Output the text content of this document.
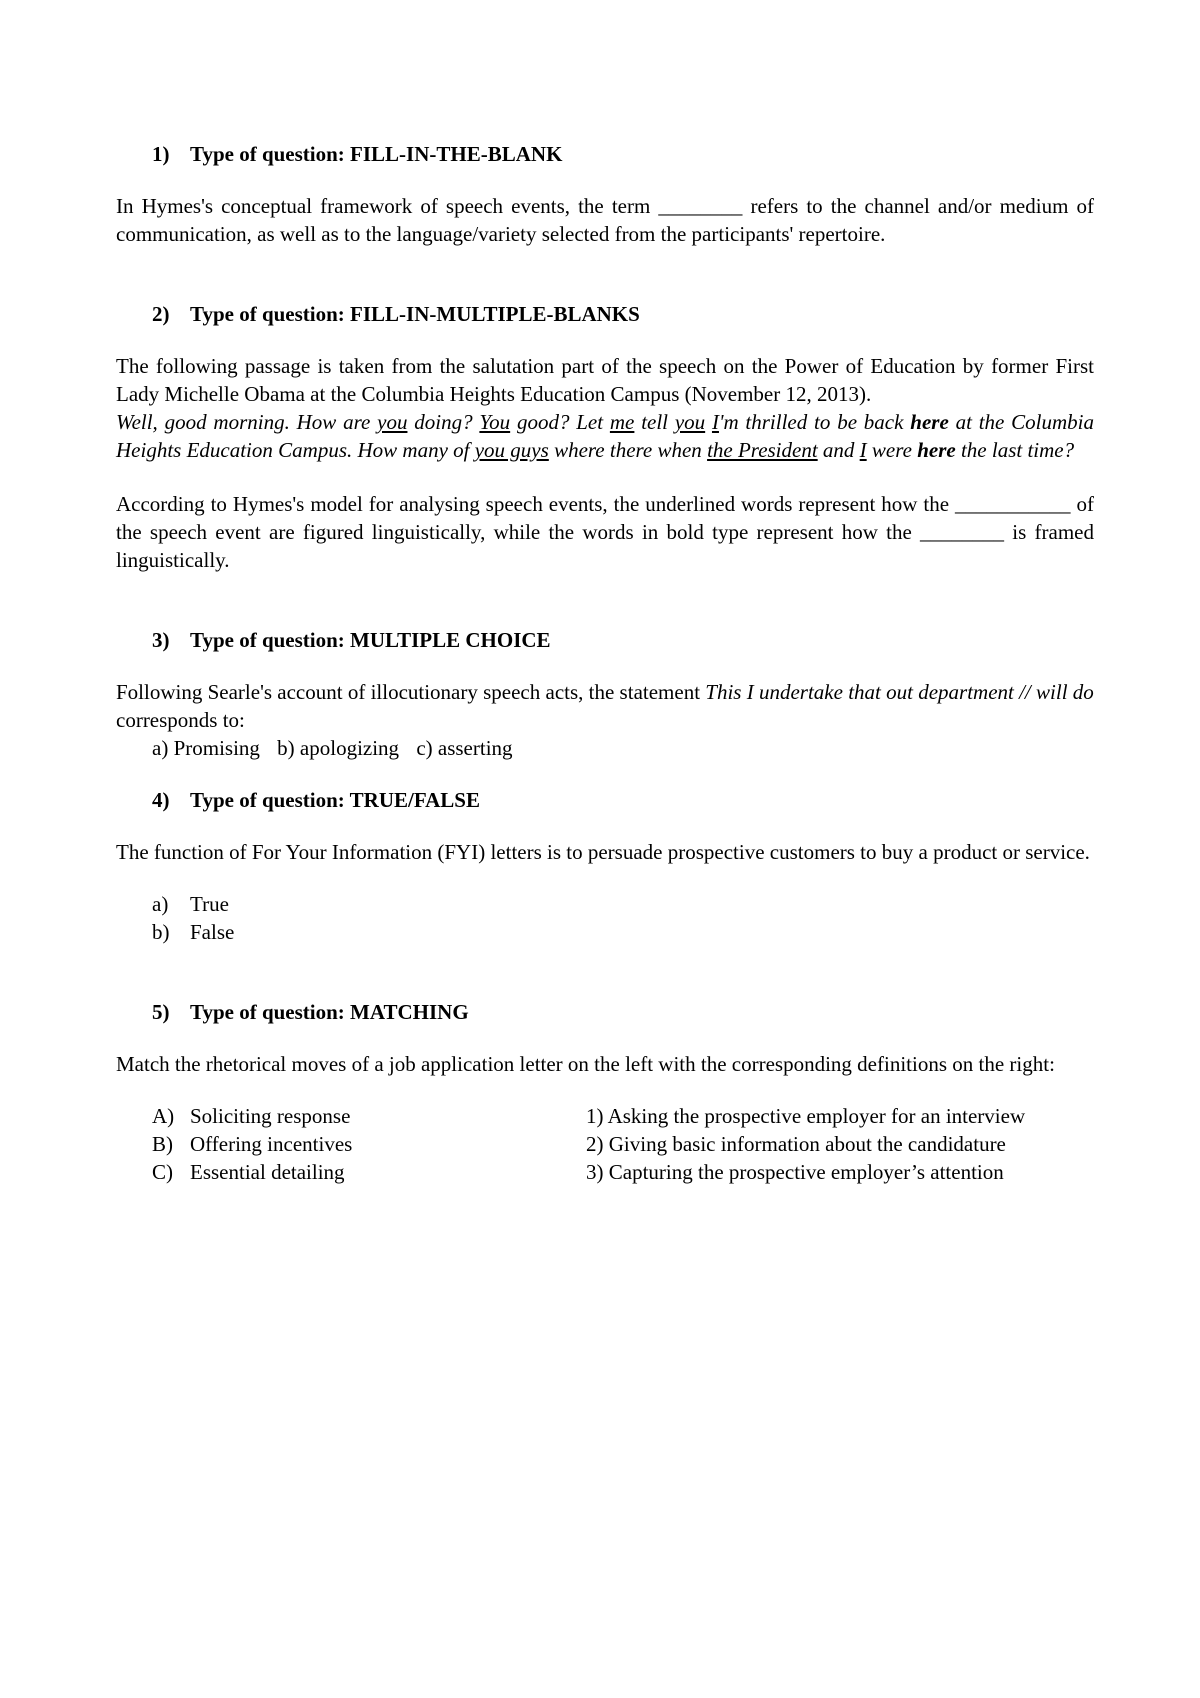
1) Type of question: FILL-IN-THE-BLANK

In Hymes's conceptual framework of speech events, the term ________ refers to the channel and/or medium of communication, as well as to the language/variety selected from the participants' repertoire.

2) Type of question: FILL-IN-MULTIPLE-BLANKS

The following passage is taken from the salutation part of the speech on the Power of Education by former First Lady Michelle Obama at the Columbia Heights Education Campus (November 12, 2013).

Well, good morning. How are you doing? You good? Let me tell you I'm thrilled to be back here at the Columbia Heights Education Campus. How many of you guys where there when the President and I were here the last time?

According to Hymes's model for analysing speech events, the underlined words represent how the ___________ of the speech event are figured linguistically, while the words in bold type represent how the ________ is framed linguistically.

3) Type of question: MULTIPLE CHOICE

Following Searle's account of illocutionary speech acts, the statement This I undertake that out department // will do corresponds to:

a) Promising b) apologizing c) asserting
4) Type of question: TRUE/FALSE

The function of For Your Information (FYI) letters is to persuade prospective customers to buy a product or service.

a) True
b) False
5) Type of question: MATCHING

Match the rhetorical moves of a job application letter on the left with the corresponding definitions on the right:

A) Soliciting response
B) Offering incentives
C) Essential detailing
1) Asking the prospective employer for an interview
2) Giving basic information about the candidature
3) Capturing the prospective employer’s attention
